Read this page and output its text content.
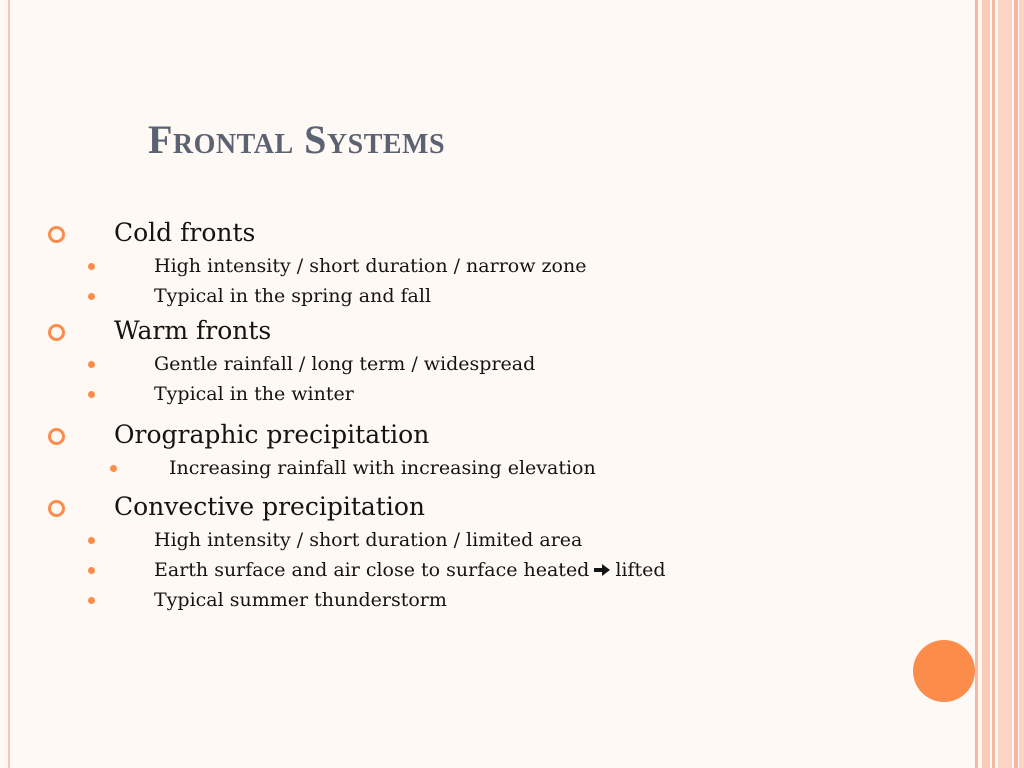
Frontal Systems
Cold fronts
High intensity / short duration / narrow zone
Typical in the spring and fall
Warm fronts
Gentle rainfall / long term / widespread
Typical in the winter
Orographic precipitation
Increasing rainfall with increasing elevation
Convective precipitation
High intensity / short duration / limited area
Earth surface and air close to surface heated lifted
Typical summer thunderstorm
